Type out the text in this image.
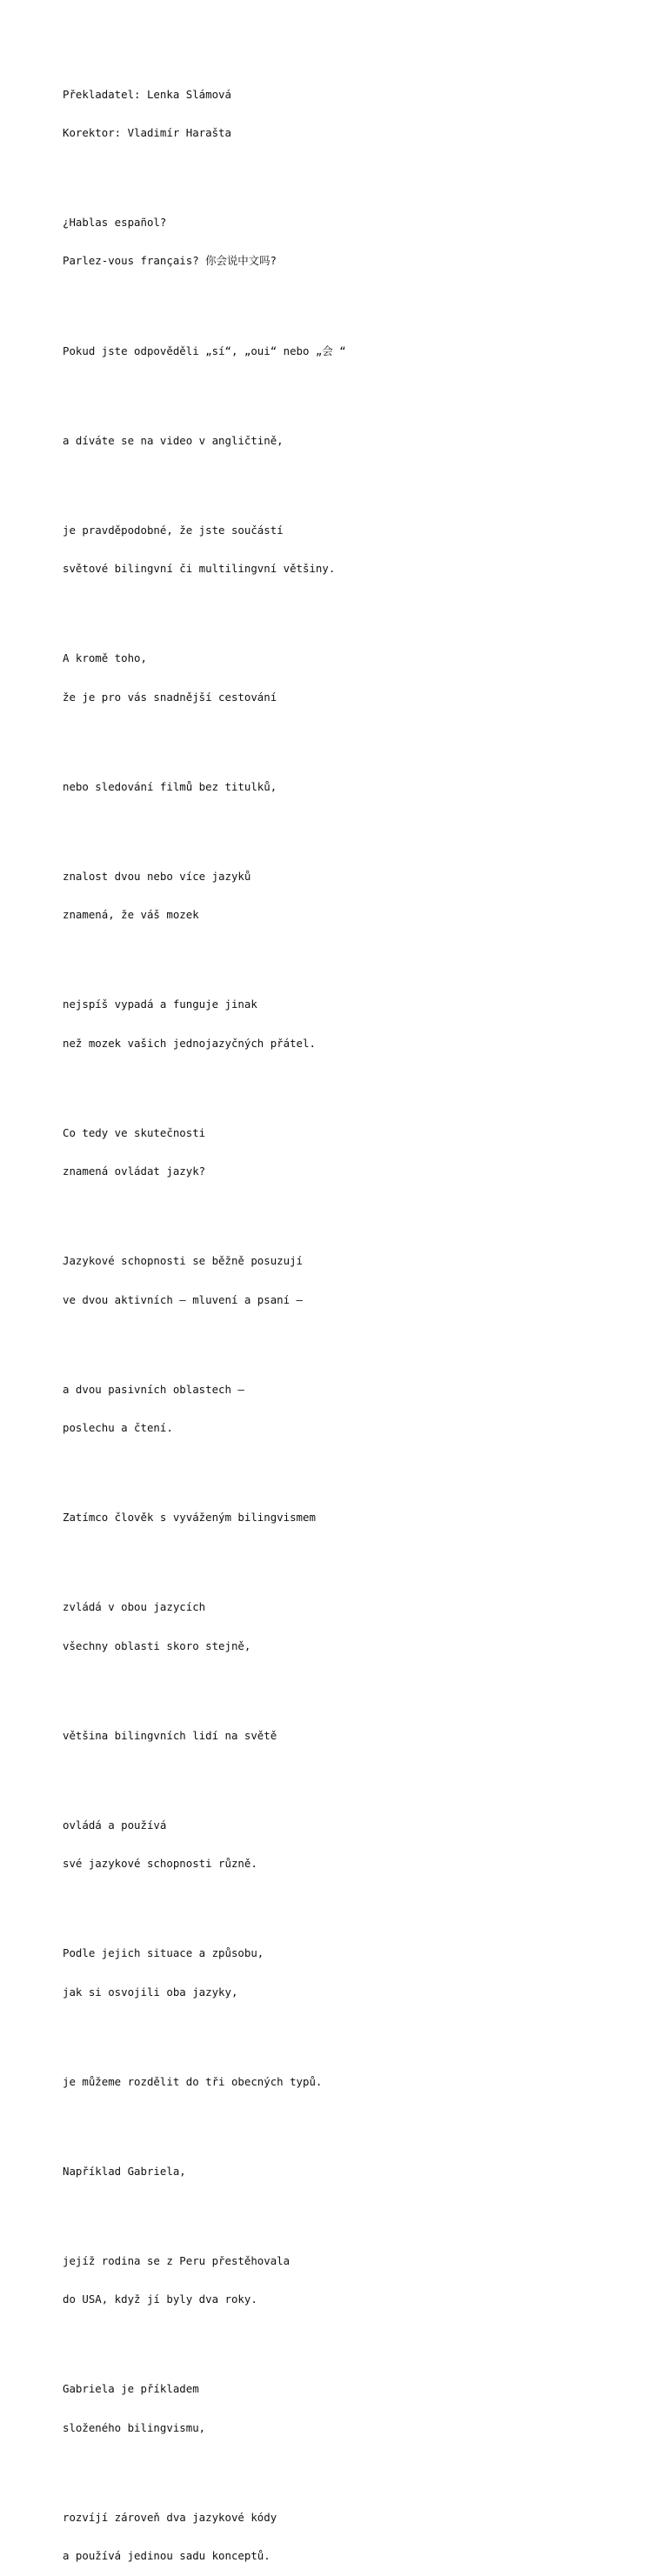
Překladatel: Lenka Slámová

Korektor: Vladimír Harašta

¿Hablas español?

Parlez-vous français? 你会说中文吗?

Pokud jste odpověděli „sí“, „oui“ nebo „会 “

a díváte se na video v angličtině,

je pravděpodobné, že jste součástí

světové bilingvní či multilingvní většiny.

A kromě toho,

že je pro vás snadnější cestování

nebo sledování filmů bez titulků,

znalost dvou nebo více jazyků

znamená, že váš mozek

nejspíš vypadá a funguje jinak

než mozek vašich jednojazyčných přátel.

Co tedy ve skutečnosti

znamená ovládat jazyk?

Jazykové schopnosti se běžně posuzují

ve dvou aktivních – mluvení a psaní –

a dvou pasivních oblastech –

poslechu a čtení.

Zatímco člověk s vyváženým bilingvismem

zvládá v obou jazycích

všechny oblasti skoro stejně,

většina bilingvních lidí na světě

ovládá a používá

své jazykové schopnosti různě.

Podle jejich situace a způsobu,

jak si osvojili oba jazyky,

je můžeme rozdělit do tři obecných typů.

Například Gabriela,

jejíž rodina se z Peru přestěhovala

do USA, když jí byly dva roky.

Gabriela je příkladem

složeného bilingvismu,

rozvíjí zároveň dva jazykové kódy

a používá jedinou sadu konceptů.
